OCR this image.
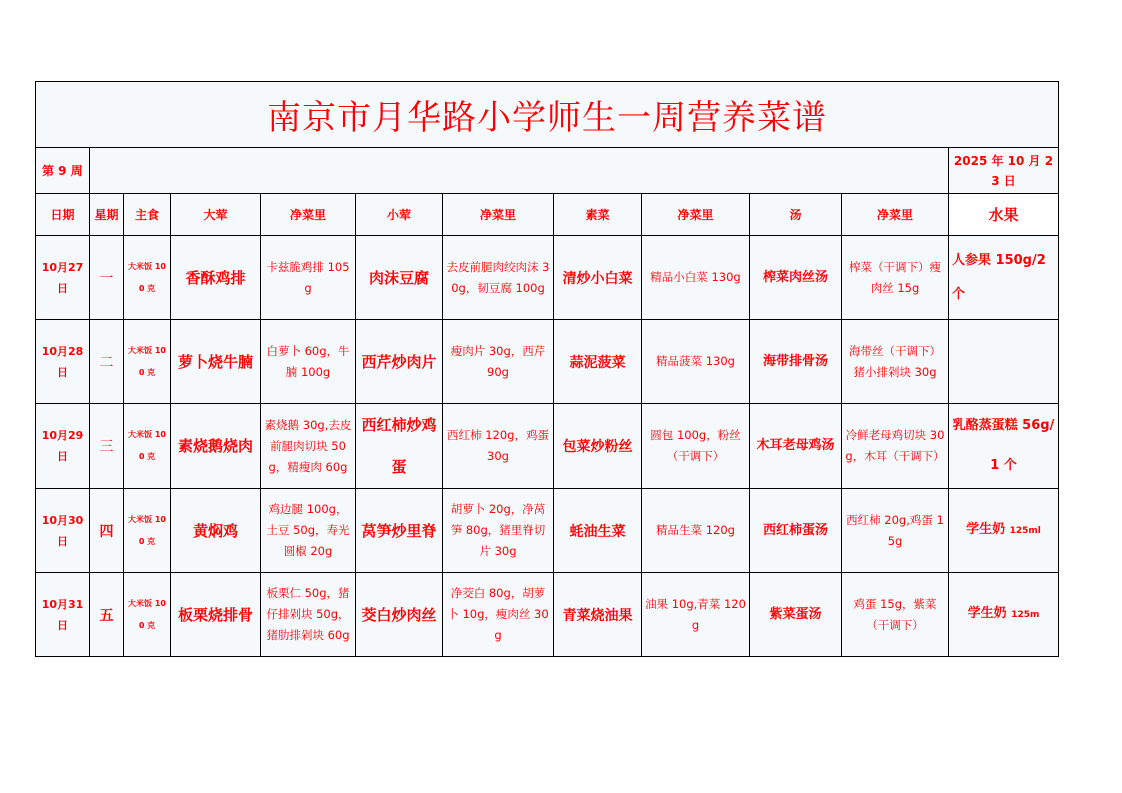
南京市月华路小学师生一周营养菜谱											
第 9 周											2025 年 10 月 23 日
日期	星期	主食	大荤	净菜里	小荤	净菜里	素菜	净菜里	汤	净菜里	水果
10月27日	一	大米饭 100 克	香酥鸡排	卡兹脆鸡排 105g	肉沫豆腐	去皮前腿肉绞肉沫 30g，韧豆腐 100g	清炒小白菜	精品小白菜 130g	榨菜肉丝汤	榨菜（干调下）瘦肉丝 15g	人参果 150g/2 个
10月28日	二	大米饭 100 克	萝卜烧牛腩	白萝卜 60g，牛腩 100g	西芹炒肉片	瘦肉片 30g，西芹 90g	蒜泥菠菜	精品菠菜 130g	海带排骨汤	海带丝（干调下）猪小排剁块 30g	
10月29日	三	大米饭 100 克	素烧鹅烧肉	素烧鹅 30g,去皮前腿肉切块 50g，精瘦肉 60g	西红柿炒鸡蛋	西红柿 120g，鸡蛋 30g	包菜炒粉丝	圆包 100g，粉丝（干调下）	木耳老母鸡汤	冷鲜老母鸡切块 30g，木耳（干调下）	乳酪蒸蛋糕 56g/1 个
10月30日	四	大米饭 100 克	黄焖鸡	鸡边腿 100g，土豆 50g，寿光圆椒 20g	莴笋炒里脊	胡萝卜 20g，净莴笋 80g，猪里脊切片 30g	蚝油生菜	精品生菜 120g	西红柿蛋汤	西红柿 20g,鸡蛋 15g	学生奶 125ml
10月31日	五	大米饭 100 克	板栗烧排骨	板栗仁 50g，猪仔排剁块 50g，猪肋排剁块 60g	茭白炒肉丝	净茭白 80g，胡萝卜 10g，瘦肉丝 30g	青菜烧油果	油果 10g,青菜 120g	紫菜蛋汤	鸡蛋 15g，紫菜（干调下）	学生奶 125m
